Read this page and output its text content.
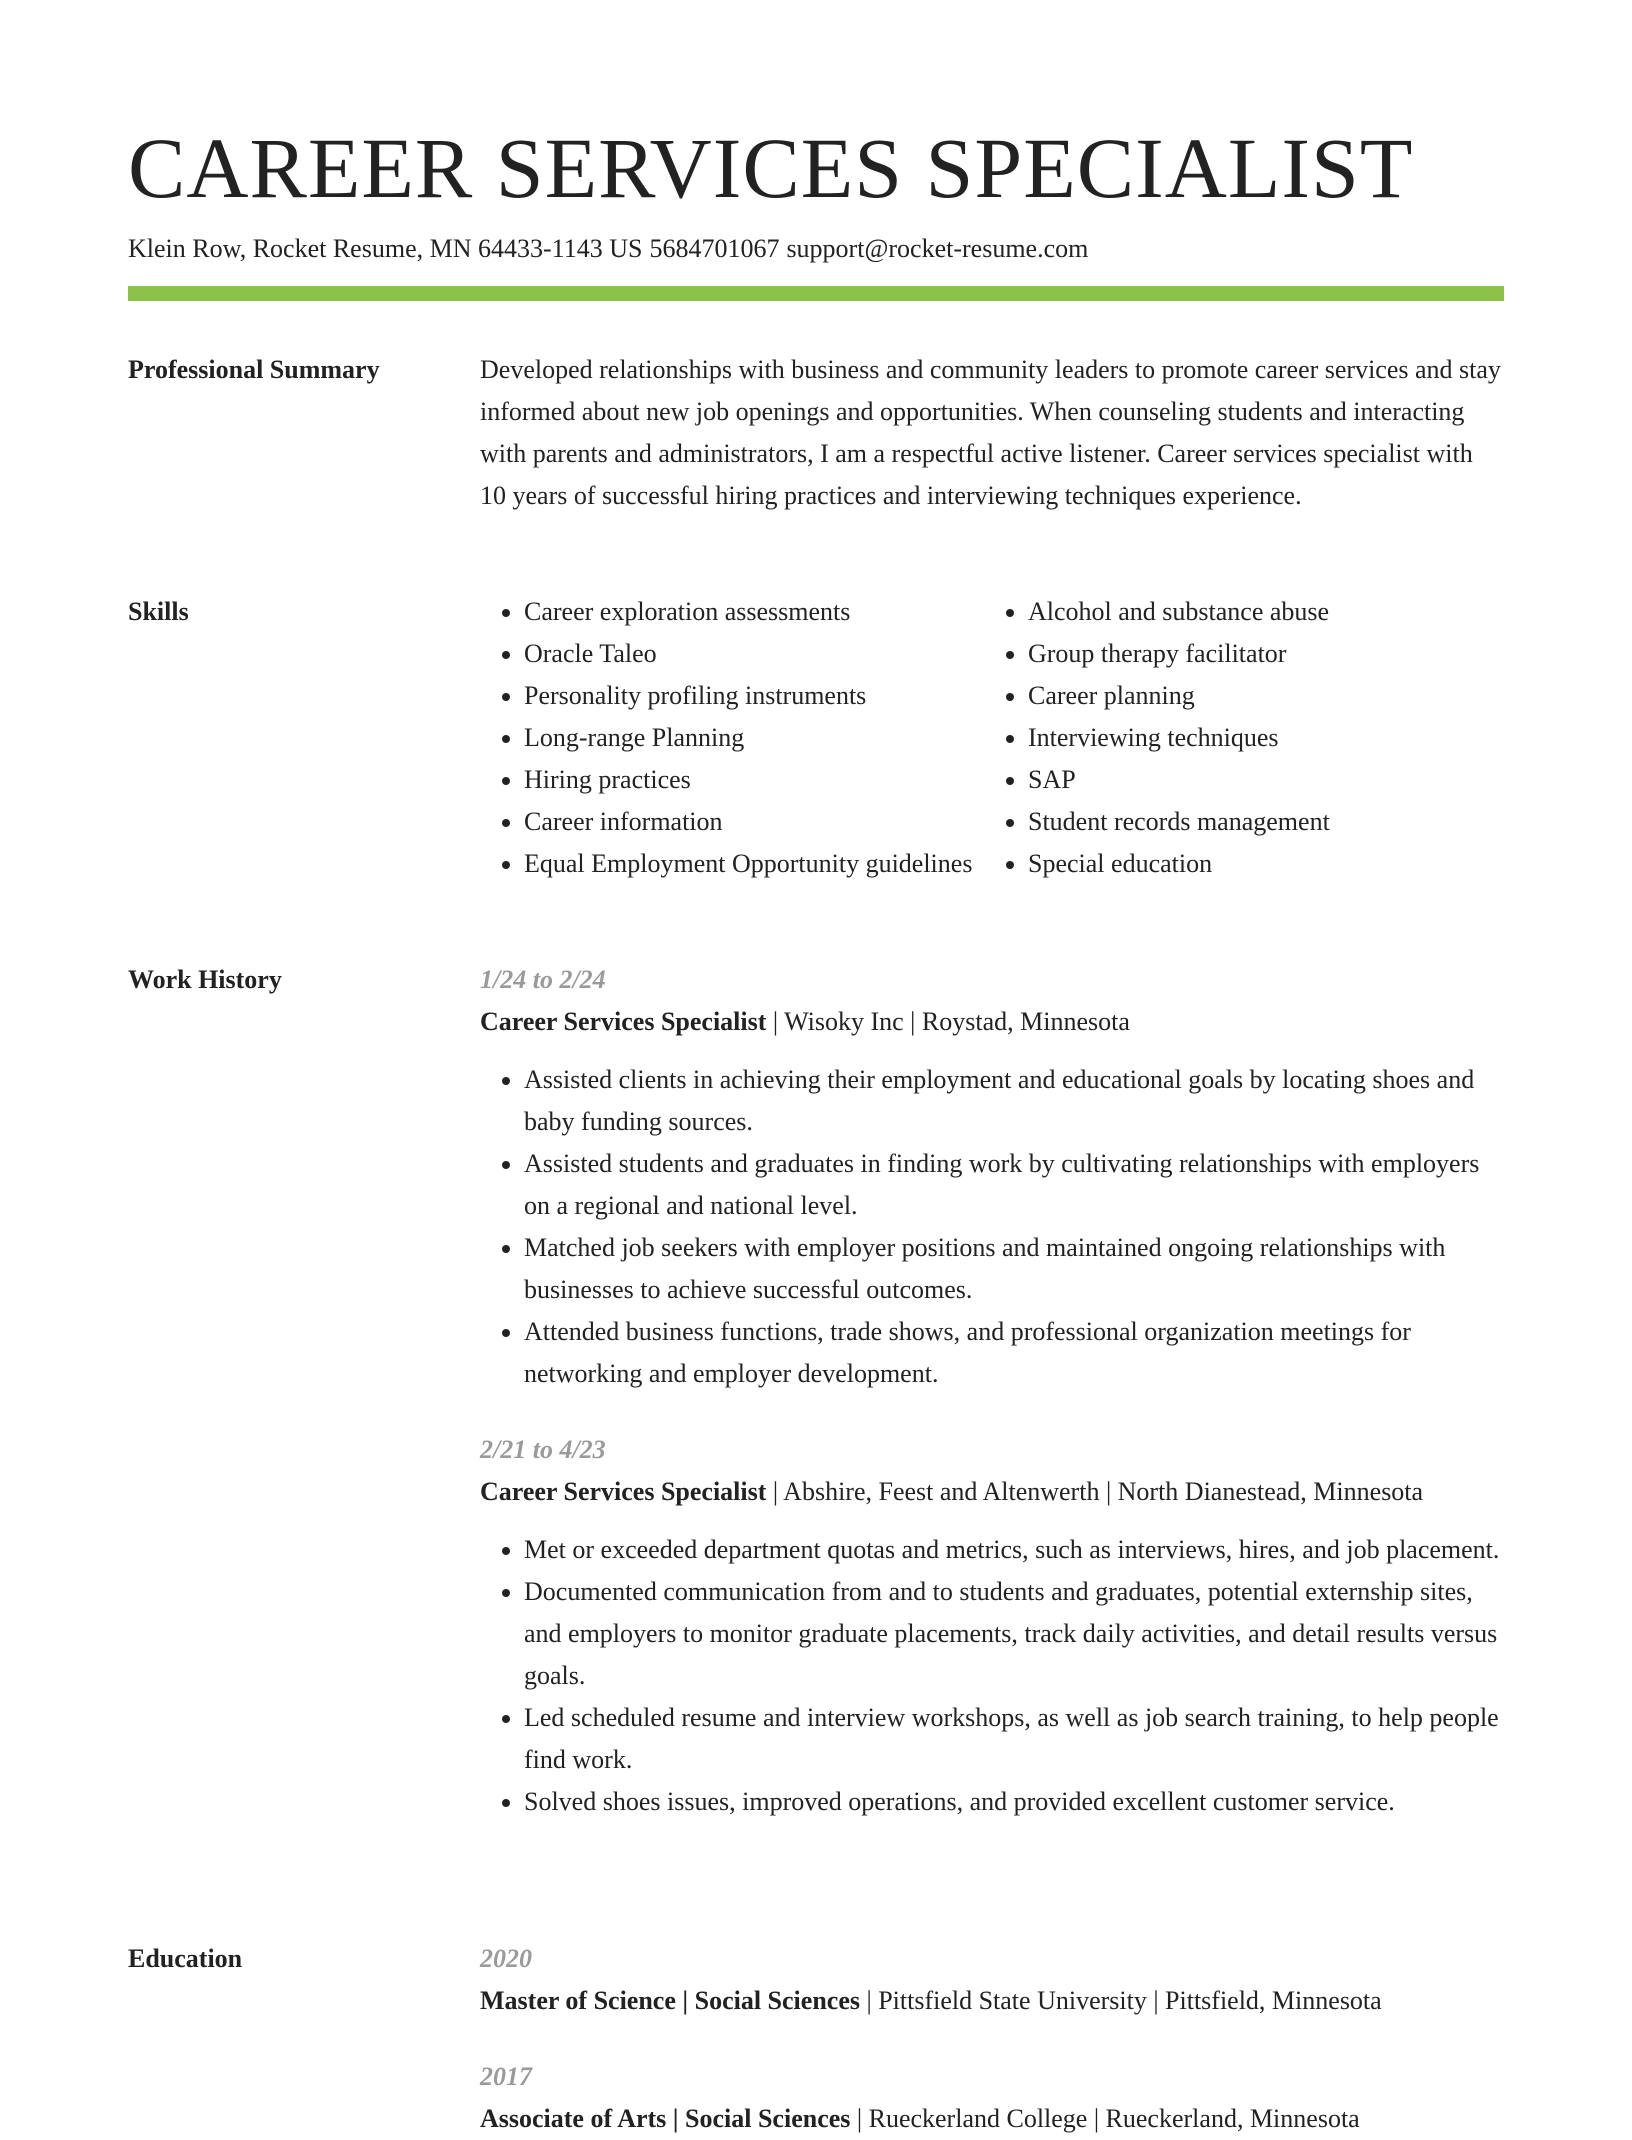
CAREER SERVICES SPECIALIST
Klein Row, Rocket Resume, MN 64433-1143 US 5684701067 support@rocket-resume.com
Professional Summary	Developed relationships with business and community leaders to promote career services and stay informed about new job openings and opportunities. When counseling students and interacting with parents and administrators, I am a respectful active listener. Career services specialist with 10 years of successful hiring practices and interviewing techniques experience.

Skills
•	Career exploration assessments
• Oracle Taleo
• Personality profiling instruments
• Long-range Planning
• Hiring practices
• Career information
• Equal Employment Opportunity guidelines
• Alcohol and substance abuse
• Group therapy facilitator
• Career planning
• Interviewing techniques
• SAP
• Student records management
• Special education
Work History	1/24 to 2/24
Career Services Specialist | Wisoky Inc | Roystad, Minnesota
• Assisted clients in achieving their employment and educational goals by locating shoes and baby funding sources.
• Assisted students and graduates in finding work by cultivating relationships with employers on a regional and national level.
• Matched job seekers with employer positions and maintained ongoing relationships with businesses to achieve successful outcomes.
• Attended business functions, trade shows, and professional organization meetings for networking and employer development.
2/21 to 4/23
Career Services Specialist | Abshire, Feest and Altenwerth | North Dianestead, Minnesota
• Met or exceeded department quotas and metrics, such as interviews, hires, and job placement.
• Documented communication from and to students and graduates, potential externship sites, and employers to monitor graduate placements, track daily activities, and detail results versus goals.
• Led scheduled resume and interview workshops, as well as job search training, to help people find work.
• Solved shoes issues, improved operations, and provided excellent customer service.
Education	2020
Master of Science | Social Sciences | Pittsfield State University | Pittsfield, Minnesota
2017
Associate of Arts | Social Sciences | Rueckerland College | Rueckerland, Minnesota
